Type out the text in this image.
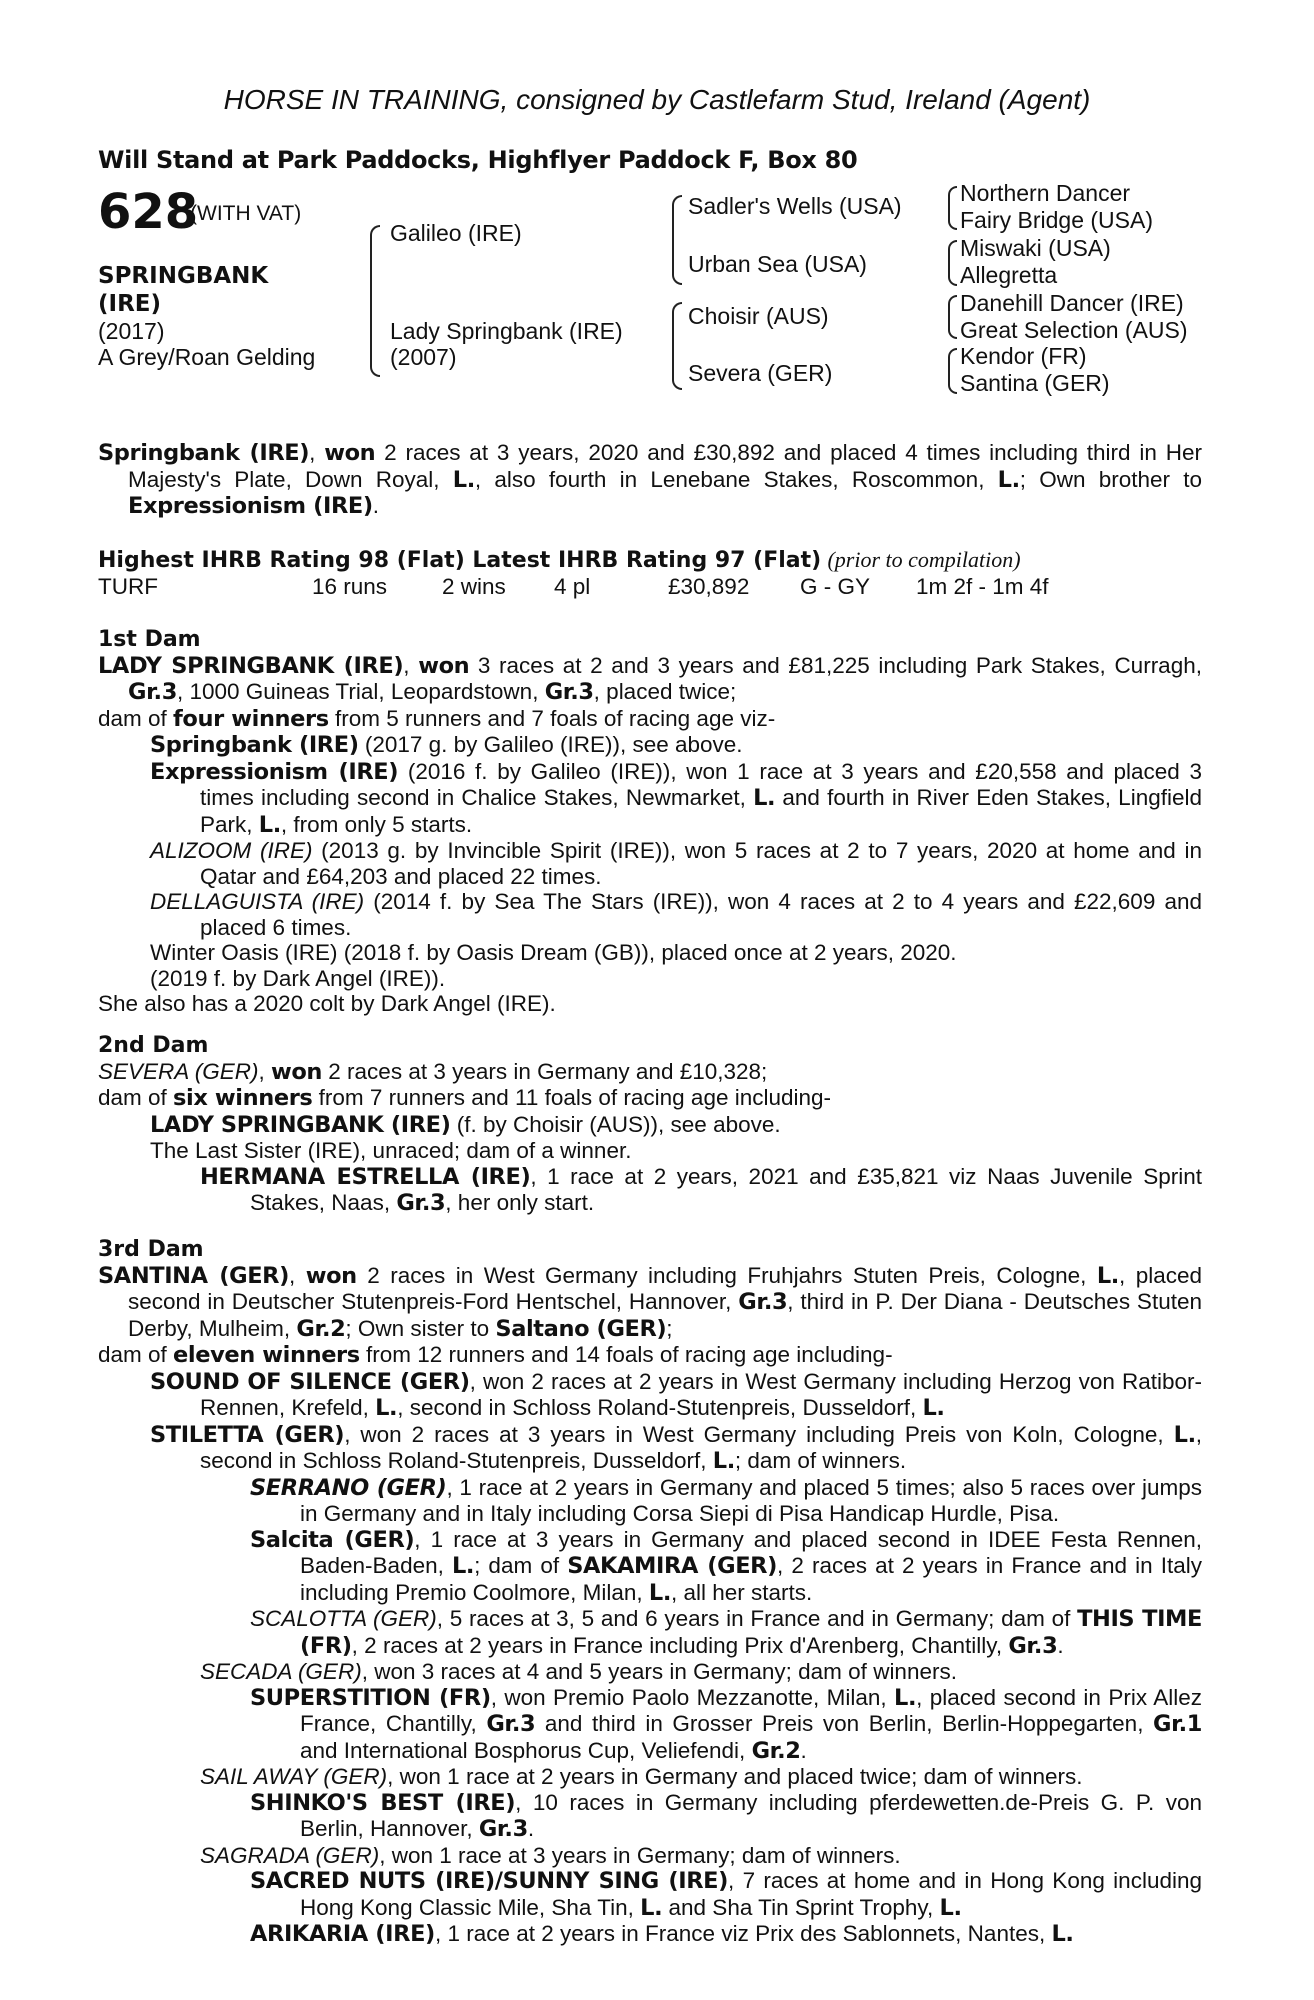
HORSE IN TRAINING, consigned by Castlefarm Stud, Ireland (Agent)
Will Stand at Park Paddocks, Highflyer Paddock F, Box 80
628
(WITH VAT)
SPRINGBANK
(IRE)
(2017)
A Grey/Roan Gelding
Galileo (IRE)
Lady Springbank (IRE)
(2007)
Sadler's Wells (USA)
Urban Sea (USA)
Choisir (AUS)
Severa (GER)
Northern Dancer
Fairy Bridge (USA)
Miswaki (USA)
Allegretta
Danehill Dancer (IRE)
Great Selection (AUS)
Kendor (FR)
Santina (GER)

Springbank (IRE), won 2 races at 3 years, 2020 and £30,892 and placed 4 times including third in Her Majesty's Plate, Down Royal, L., also fourth in Lenebane Stakes, Roscommon, L.; Own brother to Expressionism (IRE).

Highest IHRB Rating 98 (Flat) Latest IHRB Rating 97 (Flat) (prior to compilation)

TURF	16 runs 2 wins 4 pl	£30,892 G - GY 1m 2f - 1m 4f

1st Dam

LADY SPRINGBANK (IRE), won 3 races at 2 and 3 years and £81,225 including Park Stakes, Curragh, Gr.3, 1000 Guineas Trial, Leopardstown, Gr.3, placed twice;

dam of four winners from 5 runners and 7 foals of racing age viz-

Springbank (IRE) (2017 g. by Galileo (IRE)), see above.

Expressionism (IRE) (2016 f. by Galileo (IRE)), won 1 race at 3 years and £20,558 and placed 3 times including second in Chalice Stakes, Newmarket, L. and fourth in River Eden Stakes, Lingfield Park, L., from only 5 starts.

ALIZOOM (IRE) (2013 g. by Invincible Spirit (IRE)), won 5 races at 2 to 7 years, 2020 at home and in Qatar and £64,203 and placed 22 times.

DELLAGUISTA (IRE) (2014 f. by Sea The Stars (IRE)), won 4 races at 2 to 4 years and £22,609 and placed 6 times.

Winter Oasis (IRE) (2018 f. by Oasis Dream (GB)), placed once at 2 years, 2020.

(2019 f. by Dark Angel (IRE)).

She also has a 2020 colt by Dark Angel (IRE).

2nd Dam

SEVERA (GER), won 2 races at 3 years in Germany and £10,328;

dam of six winners from 7 runners and 11 foals of racing age including-

LADY SPRINGBANK (IRE) (f. by Choisir (AUS)), see above.

The Last Sister (IRE), unraced; dam of a winner.

HERMANA ESTRELLA (IRE), 1 race at 2 years, 2021 and £35,821 viz Naas Juvenile Sprint Stakes, Naas, Gr.3, her only start.

3rd Dam

SANTINA (GER), won 2 races in West Germany including Fruhjahrs Stuten Preis, Cologne, L., placed second in Deutscher Stutenpreis-Ford Hentschel, Hannover, Gr.3, third in P. Der Diana - Deutsches Stuten Derby, Mulheim, Gr.2; Own sister to Saltano (GER);

dam of eleven winners from 12 runners and 14 foals of racing age including-

SOUND OF SILENCE (GER), won 2 races at 2 years in West Germany including Herzog von Ratibor-Rennen, Krefeld, L., second in Schloss Roland-Stutenpreis, Dusseldorf, L.

STILETTA (GER), won 2 races at 3 years in West Germany including Preis von Koln, Cologne, L., second in Schloss Roland-Stutenpreis, Dusseldorf, L.; dam of winners.

SERRANO (GER), 1 race at 2 years in Germany and placed 5 times; also 5 races over jumps in Germany and in Italy including Corsa Siepi di Pisa Handicap Hurdle, Pisa.

Salcita (GER), 1 race at 3 years in Germany and placed second in IDEE Festa Rennen, Baden-Baden, L.; dam of SAKAMIRA (GER), 2 races at 2 years in France and in Italy including Premio Coolmore, Milan, L., all her starts.

SCALOTTA (GER), 5 races at 3, 5 and 6 years in France and in Germany; dam of THIS TIME (FR), 2 races at 2 years in France including Prix d'Arenberg, Chantilly, Gr.3.

SECADA (GER), won 3 races at 4 and 5 years in Germany; dam of winners.

SUPERSTITION (FR), won Premio Paolo Mezzanotte, Milan, L., placed second in Prix Allez France, Chantilly, Gr.3 and third in Grosser Preis von Berlin, Berlin-Hoppegarten, Gr.1 and International Bosphorus Cup, Veliefendi, Gr.2.

SAIL AWAY (GER), won 1 race at 2 years in Germany and placed twice; dam of winners.

SHINKO'S BEST (IRE), 10 races in Germany including pferdewetten.de-Preis G. P. von Berlin, Hannover, Gr.3.

SAGRADA (GER), won 1 race at 3 years in Germany; dam of winners.

SACRED NUTS (IRE)/SUNNY SING (IRE), 7 races at home and in Hong Kong including Hong Kong Classic Mile, Sha Tin, L. and Sha Tin Sprint Trophy, L.

ARIKARIA (IRE), 1 race at 2 years in France viz Prix des Sablonnets, Nantes, L.
